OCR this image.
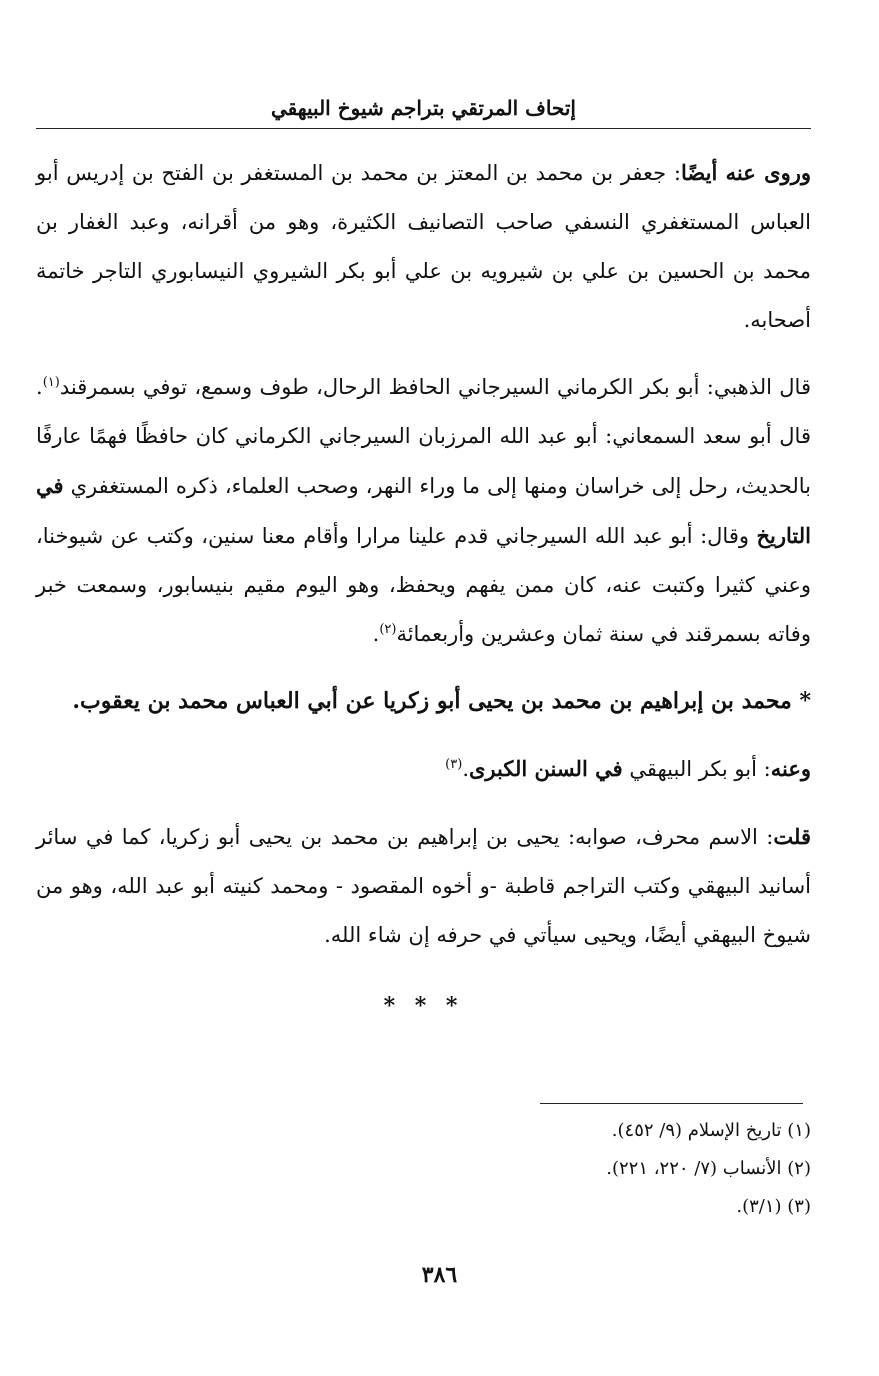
إتحاف المرتقي بتراجم شيوخ البيهقي

وروى عنه أيضًا: جعفر بن محمد بن المعتز بن محمد بن المستغفر بن الفتح بن إدريس أبو العباس المستغفري النسفي صاحب التصانيف الكثيرة، وهو من أقرانه، وعبد الغفار بن محمد بن الحسين بن علي بن شيرويه بن علي أبو بكر الشيروي النيسابوري التاجر خاتمة أصحابه.

قال الذهبي: أبو بكر الكرماني السيرجاني الحافظ الرحال، طوف وسمع، توفي بسمرقند$^{(١)}$. قال أبو سعد السمعاني: أبو عبد الله المرزبان السيرجاني الكرماني كان حافظًا فهمًا عارفًا بالحديث، رحل إلى خراسان ومنها إلى ما وراء النهر، وصحب العلماء، ذكره المستغفري في التاريخ وقال: أبو عبد الله السيرجاني قدم علينا مرارا وأقام معنا سنين، وكتب عن شيوخنا، وعني كثيرا وكتبت عنه، كان ممن يفهم ويحفظ، وهو اليوم مقيم بنيسابور، وسمعت خبر وفاته بسمرقند في سنة ثمان وعشرين وأربعمائة$^{(٢)}$.

* محمد بن إبراهيم بن محمد بن يحيى أبو زكريا عن أبي العباس محمد بن يعقوب.

وعنه: أبو بكر البيهقي في السنن الكبرى.$^{(٣)}$

قلت: الاسم محرف، صوابه: يحيى بن إبراهيم بن محمد بن يحيى أبو زكريا، كما في سائر أسانيد البيهقي وكتب التراجم قاطبة -و أخوه المقصود - ومحمد كنيته أبو عبد الله، وهو من شيوخ البيهقي أيضًا، ويحيى سيأتي في حرفه إن شاء الله.

* * *
(١) تاريخ الإسلام (٩/ ٤٥٢).
(٢) الأنساب (٧/ ٢٢٠، ٢٢١).
(٣) (٣/١).
٣٨٦
